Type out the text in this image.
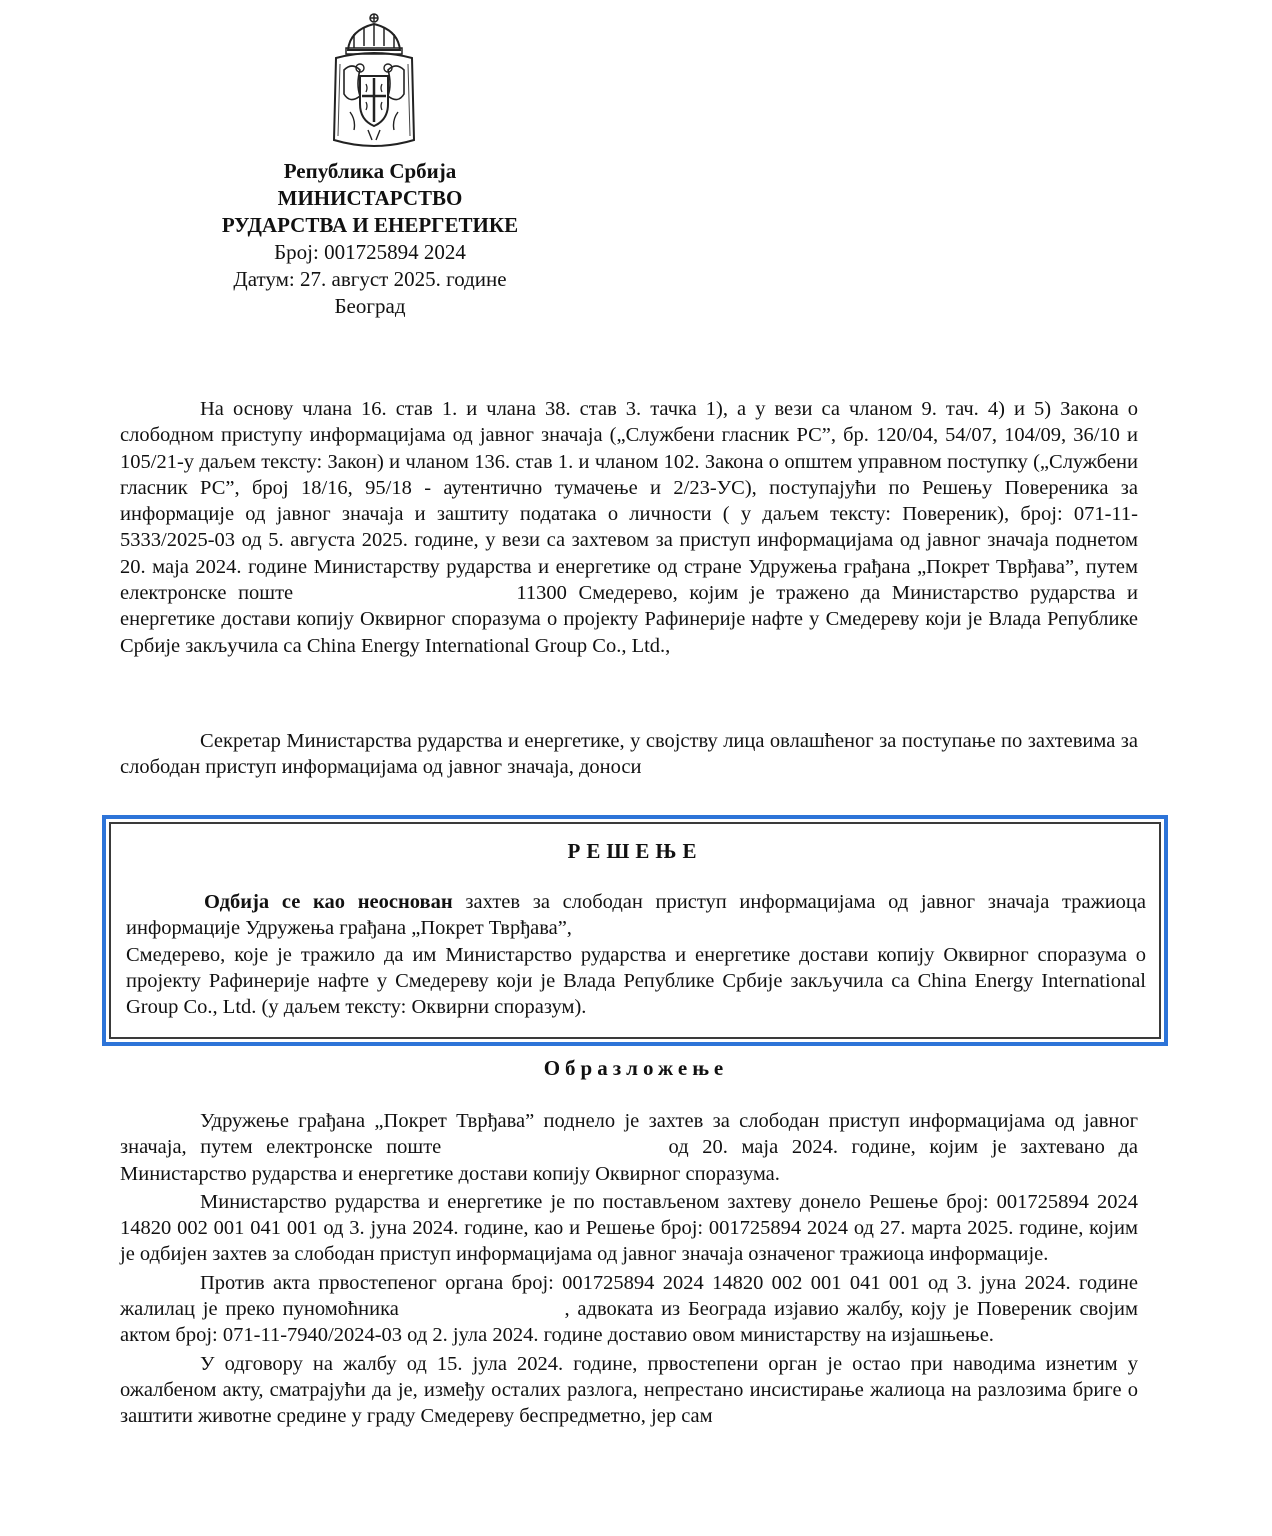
Република Србија
МИНИСТАРСТВО
РУДАРСТВА И ЕНЕРГЕТИКЕ
Број: 001725894 2024
Датум: 27. август 2025. године
Београд

На основу члана 16. став 1. и члана 38. став 3. тачка 1), а у вези са чланом 9. тач. 4) и 5) Закона о слободном приступу информацијама од јавног значаја („Службени гласник РС”, бр. 120/04, 54/07, 104/09, 36/10 и 105/21-у даљем тексту: Закон) и чланом 136. став 1. и чланом 102. Закона о општем управном поступку („Службени гласник РС”, број 18/16, 95/18 - аутентично тумачење и 2/23-УС), поступајући по Решењу Повереника за информације од јавног значаја и заштиту података о личности ( у даљем тексту: Повереник), број: 071-11-5333/2025-03 од 5. августа 2025. године, у вези са захтевом за приступ информацијама од јавног значаја поднетом 20. маја 2024. године Министарству рударства и енергетике од стране Удружења грађана „Покрет Тврђава”, путем електронске поште	11300 Смедерево, којим је тражено да Министарство рударства и енергетике достави копију Оквирног споразума о пројекту Рафинерије нафте у Смедереву који је Влада Републике Србије закључила са China Energy International Group Co., Ltd.,

Секретар Министарства рударства и енергетике, у својству лица овлашћеног за поступање по захтевима за слободан приступ информацијама од јавног значаја, доноси

РЕШЕЊЕ

Одбија се као неоснован захтев за слободан приступ информацијама од јавног значаја тражиоца информације Удружења грађана „Покрет Тврђава”,

Смедерево, које је тражило да им Министарство рударства и енергетике достави копију Оквирног споразума о пројекту Рафинерије нафте у Смедереву који је Влада Републике Србије закључила са China Energy International Group Co., Ltd. (у даљем тексту: Оквирни споразум).

Образложење

Удружење грађана „Покрет Тврђава” поднело је захтев за слободан приступ информацијама од јавног значаја, путем електронске поште	од 20. маја 2024. године, којим је захтевано да Министарство рударства и енергетике достави копију Оквирног споразума.

Министарство рударства и енергетике је по постављеном захтеву донело Решење број: 001725894 2024 14820 002 001 041 001 од 3. јуна 2024. године, као и Решење број: 001725894 2024 од 27. марта 2025. године, којим је одбијен захтев за слободан приступ информацијама од јавног значаја означеног тражиоца информације.

Против акта првостепеног органа број: 001725894 2024 14820 002 001 041 001 од 3. јуна 2024. године жалилац је преко пуномоћника	, адвоката из Београда изјавио жалбу, коју је Повереник својим актом број: 071-11-7940/2024-03 од 2. јула 2024. године доставио овом министарству на изјашњење.

У одговору на жалбу од 15. јула 2024. године, првостепени орган је остао при наводима изнетим у ожалбеном акту, сматрајући да је, између осталих разлога, непрестано инсистирање жалиоца на разлозима бриге о заштити животне средине у граду Смедереву беспредметно, јер сам
